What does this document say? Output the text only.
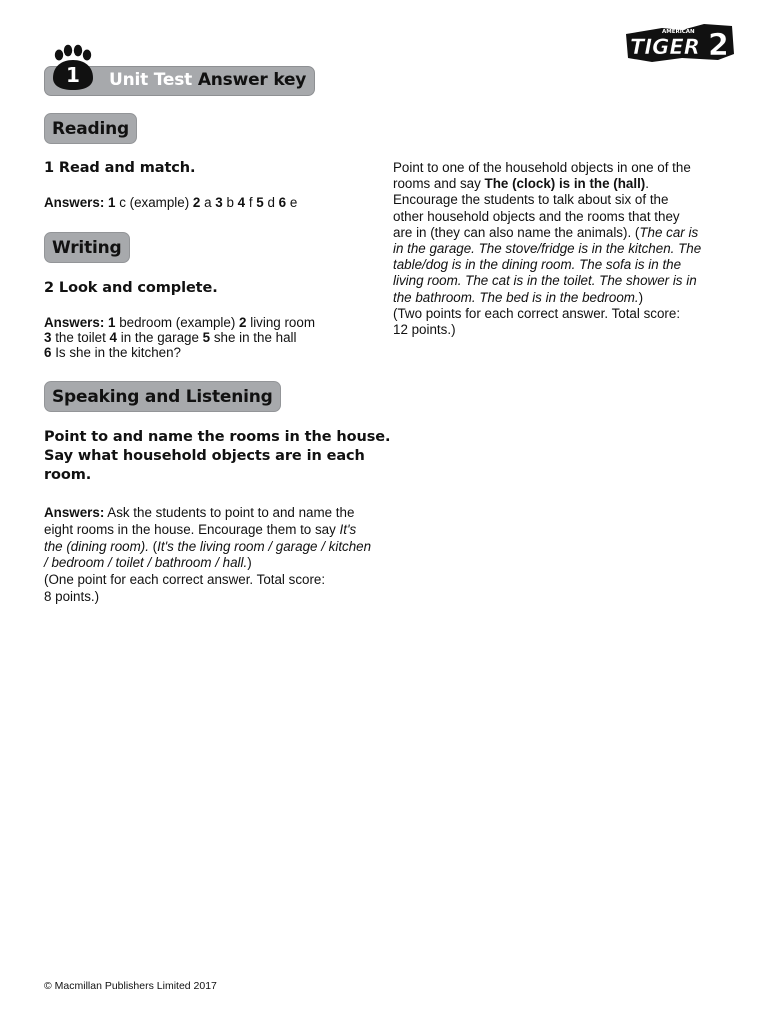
Unit Test Answer key
1
AMERICAN
TIGER 2
Reading
1 Read and match.
Answers: 1 c (example) 2 a 3 b 4 f 5 d 6 e
Writing
2 Look and complete.
Answers: 1 bedroom (example) 2 living room
3 the toilet 4 in the garage 5 she in the hall
6 Is she in the kitchen?
Speaking and Listening
Point to and name the rooms in the house.
Say what household objects are in each
room.
Answers: Ask the students to point to and name the
eight rooms in the house. Encourage them to say It's
the (dining room). (It's the living room / garage / kitchen
/ bedroom / toilet / bathroom / hall.)
(One point for each correct answer. Total score:
8 points.)
Point to one of the household objects in one of the
rooms and say The (clock) is in the (hall).
Encourage the students to talk about six of the
other household objects and the rooms that they
are in (they can also name the animals). (The car is
in the garage. The stove/fridge is in the kitchen. The
table/dog is in the dining room. The sofa is in the
living room. The cat is in the toilet. The shower is in
the bathroom. The bed is in the bedroom.)
(Two points for each correct answer. Total score:
12 points.)
© Macmillan Publishers Limited 2017
